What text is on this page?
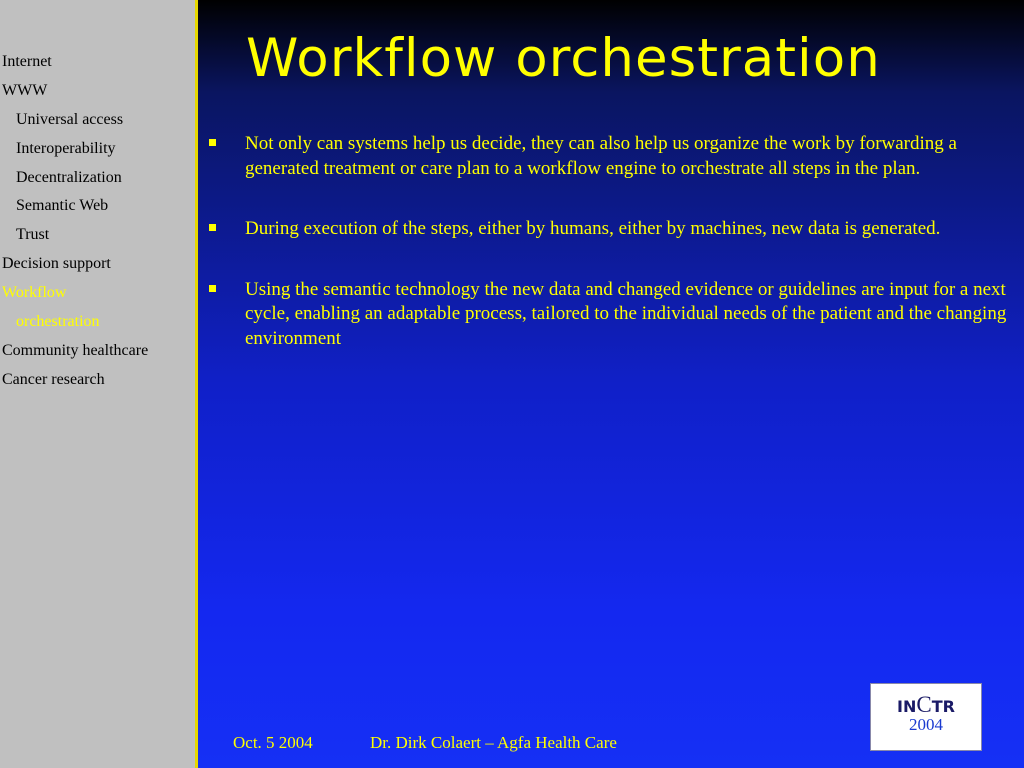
Internet
WWW
Universal access
Interoperability
Decentralization
Semantic Web
Trust
Decision support
Workflow
orchestration
Community healthcare
Cancer research
Workflow orchestration
Not only can systems help us decide, they can also help us organize the work by forwarding a generated treatment or care plan to a workflow engine to orchestrate all steps in the plan.
During execution of the steps, either by humans, either by machines, new data is generated.
Using the semantic technology the new data and changed evidence or guidelines are input for a next cycle, enabling an adaptable process, tailored to the individual needs of the patient and the changing environment
Oct. 5 2004	Dr. Dirk Colaert – Agfa Health Care
INCTR
2004
